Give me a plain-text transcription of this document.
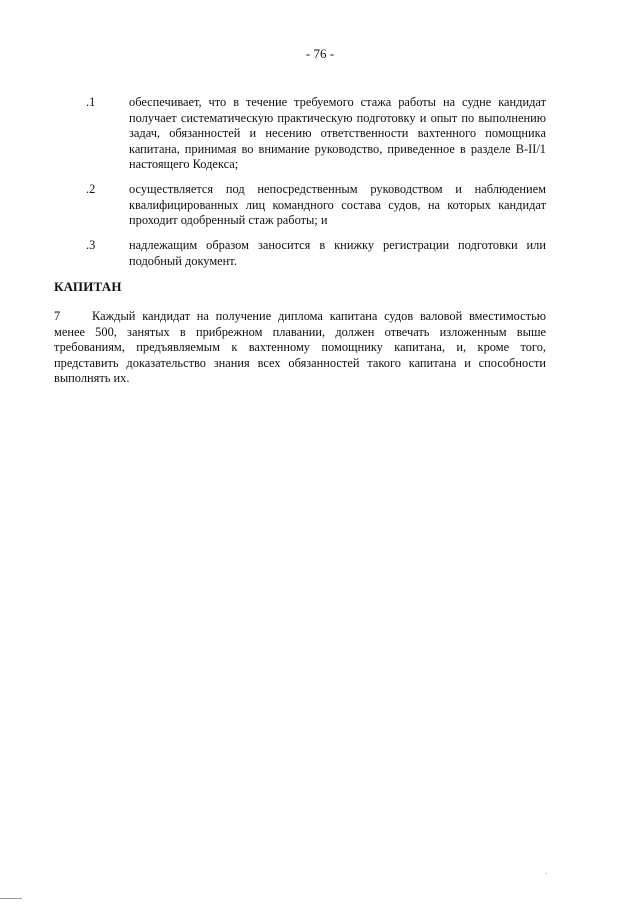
- 76 -
.1	обеспечивает, что в течение требуемого стажа работы на судне кандидат получает систематическую практическую подготовку и опыт по выполнению задач, обязанностей и несению ответственности вахтенного помощника капитана, принимая во внимание руководство, приведенное в разделе B-II/1 настоящего Кодекса;
.2	осуществляется под непосредственным руководством и наблюдением квалифицированных лиц командного состава судов, на которых кандидат проходит одобренный стаж работы; и
.3	надлежащим образом заносится в книжку регистрации подготовки или подобный документ.
КАПИТАН
7	Каждый кандидат на получение диплома капитана судов валовой вместимостью менее 500, занятых в прибрежном плавании, должен отвечать изложенным выше требованиям, предъявляемым к вахтенному помощнику капитана, и, кроме того, представить доказательство знания всех обязанностей такого капитана и способности выполнять их.
